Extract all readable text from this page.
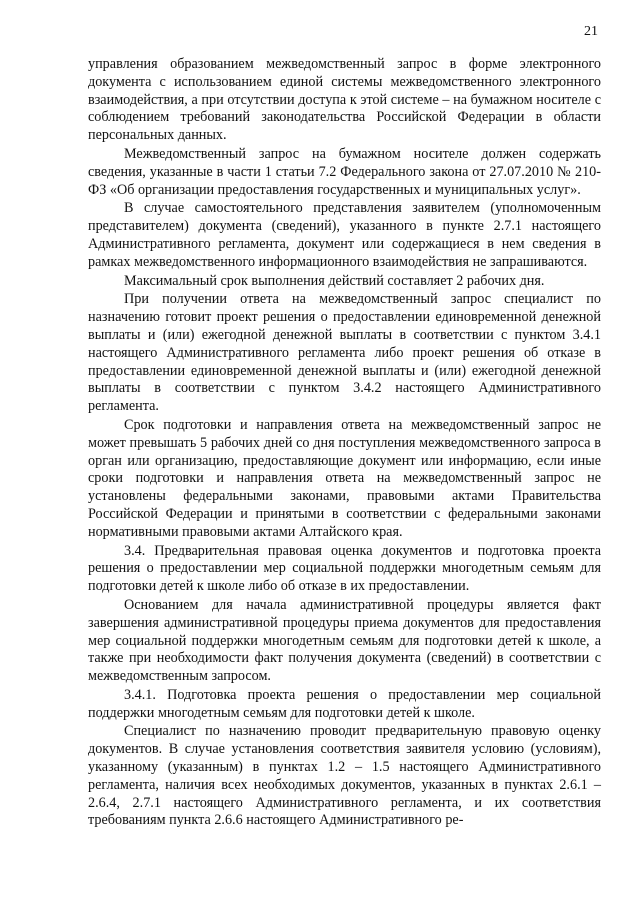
21

управления образованием межведомственный запрос в форме электронного документа с использованием единой системы межведомственного электронного взаимодействия, а при отсутствии доступа к этой системе – на бумажном носителе с соблюдением требований законодательства Российской Федерации в области персональных данных.

Межведомственный запрос на бумажном носителе должен содержать сведения, указанные в части 1 статьи 7.2 Федерального закона от 27.07.2010 № 210-ФЗ «Об организации предоставления государственных и муниципальных услуг».

В случае самостоятельного представления заявителем (уполномоченным представителем) документа (сведений), указанного в пункте 2.7.1 настоящего Административного регламента, документ или содержащиеся в нем сведения в рамках межведомственного информационного взаимодействия не запрашиваются.

Максимальный срок выполнения действий составляет 2 рабочих дня.

При получении ответа на межведомственный запрос специалист по назначению готовит проект решения о предоставлении единовременной денежной выплаты и (или) ежегодной денежной выплаты в соответствии с пунктом 3.4.1 настоящего Административного регламента либо проект решения об отказе в предоставлении единовременной денежной выплаты и (или) ежегодной денежной выплаты в соответствии с пунктом 3.4.2 настоящего Административного регламента.

Срок подготовки и направления ответа на межведомственный запрос не может превышать 5 рабочих дней со дня поступления межведомственного запроса в орган или организацию, предоставляющие документ или информацию, если иные сроки подготовки и направления ответа на межведомственный запрос не установлены федеральными законами, правовыми актами Правительства Российской Федерации и принятыми в соответствии с федеральными законами нормативными правовыми актами Алтайского края.

3.4. Предварительная правовая оценка документов и подготовка проекта решения о предоставлении мер социальной поддержки многодетным семьям для подготовки детей к школе либо об отказе в их предоставлении.

Основанием для начала административной процедуры является факт завершения административной процедуры приема документов для предоставления мер социальной поддержки многодетным семьям для подготовки детей к школе, а также при необходимости факт получения документа (сведений) в соответствии с межведомственным запросом.

3.4.1. Подготовка проекта решения о предоставлении мер социальной поддержки многодетным семьям для подготовки детей к школе.

Специалист по назначению проводит предварительную правовую оценку документов. В случае установления соответствия заявителя условию (условиям), указанному (указанным) в пунктах 1.2 – 1.5 настоящего Административного регламента, наличия всех необходимых документов, указанных в пунктах 2.6.1 – 2.6.4, 2.7.1 настоящего Административного регламента, и их соответствия требованиям пункта 2.6.6 настоящего Административного ре-
